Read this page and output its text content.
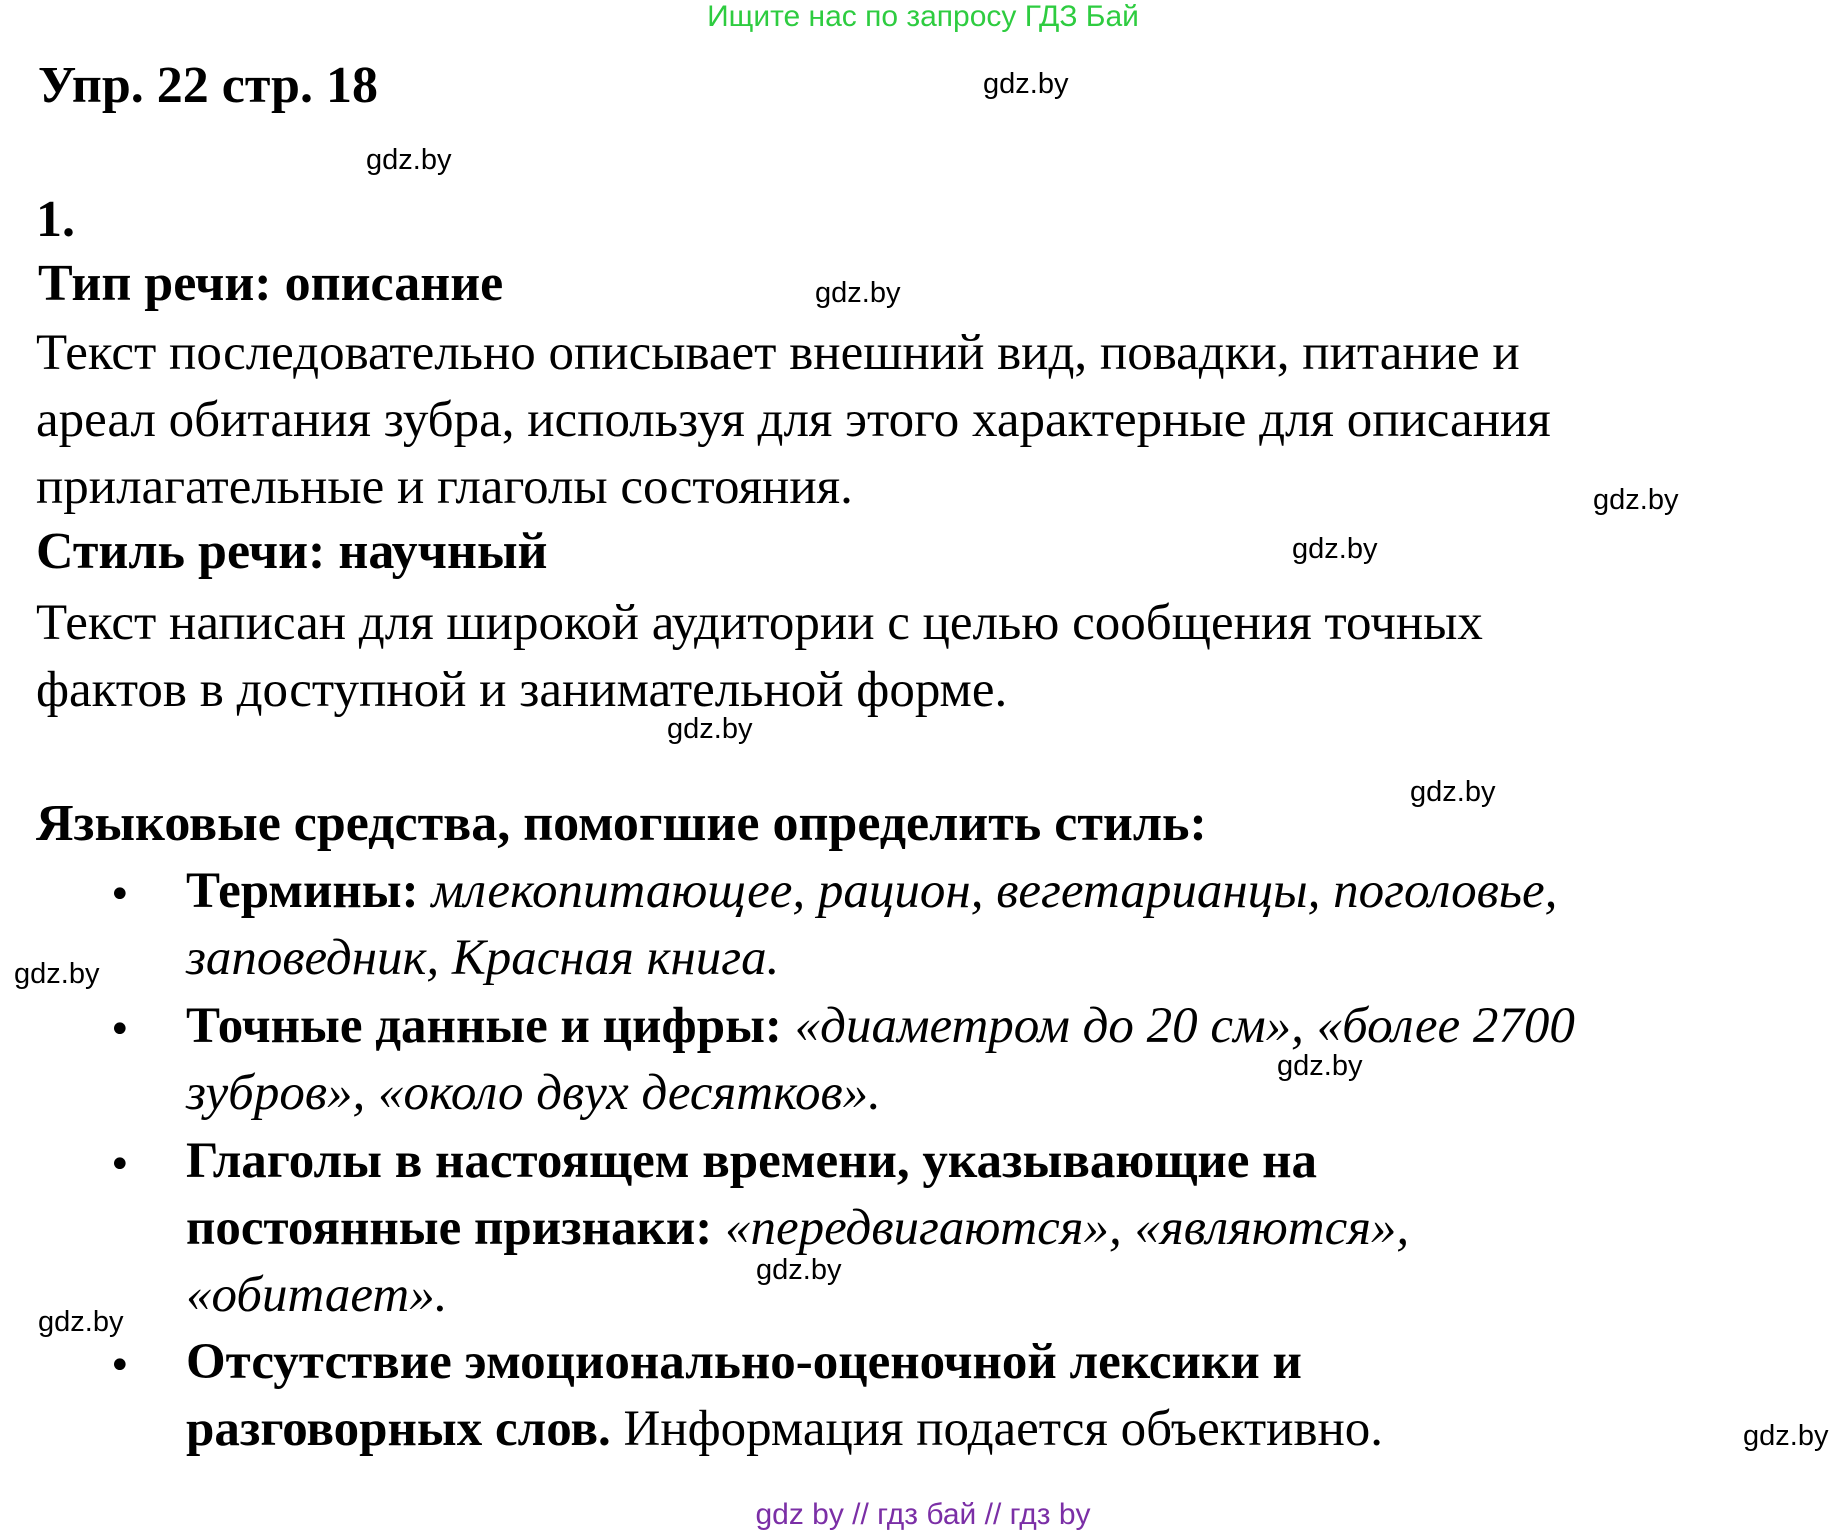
Ищите нас по запросу ГДЗ Бай
Упр. 22 стр. 18
1.
Тип речи: описание
Текст последовательно описывает внешний вид, повадки, питание и
ареал обитания зубра, используя для этого характерные для описания
прилагательные и глаголы состояния.
Стиль речи: научный
Текст написан для широкой аудитории с целью сообщения точных
фактов в доступной и занимательной форме.
Языковые средства, помогшие определить стиль:
• Термины: млекопитающее, рацион, вегетарианцы, поголовье,
заповедник, Красная книга.
• Точные данные и цифры: «диаметром до 20 см», «более 2700
зубров», «около двух десятков».
• Глаголы в настоящем времени, указывающие на
постоянные признаки: «передвигаются», «являются»,
«обитает».
• Отсутствие эмоционально-оценочной лексики и
разговорных слов. Информация подается объективно.
gdz.by
gdz.by
gdz.by
gdz.by
gdz.by
gdz.by
gdz.by
gdz.by
gdz.by
gdz.by
gdz.by
gdz.by
gdz by // гдз бай // гдз by
